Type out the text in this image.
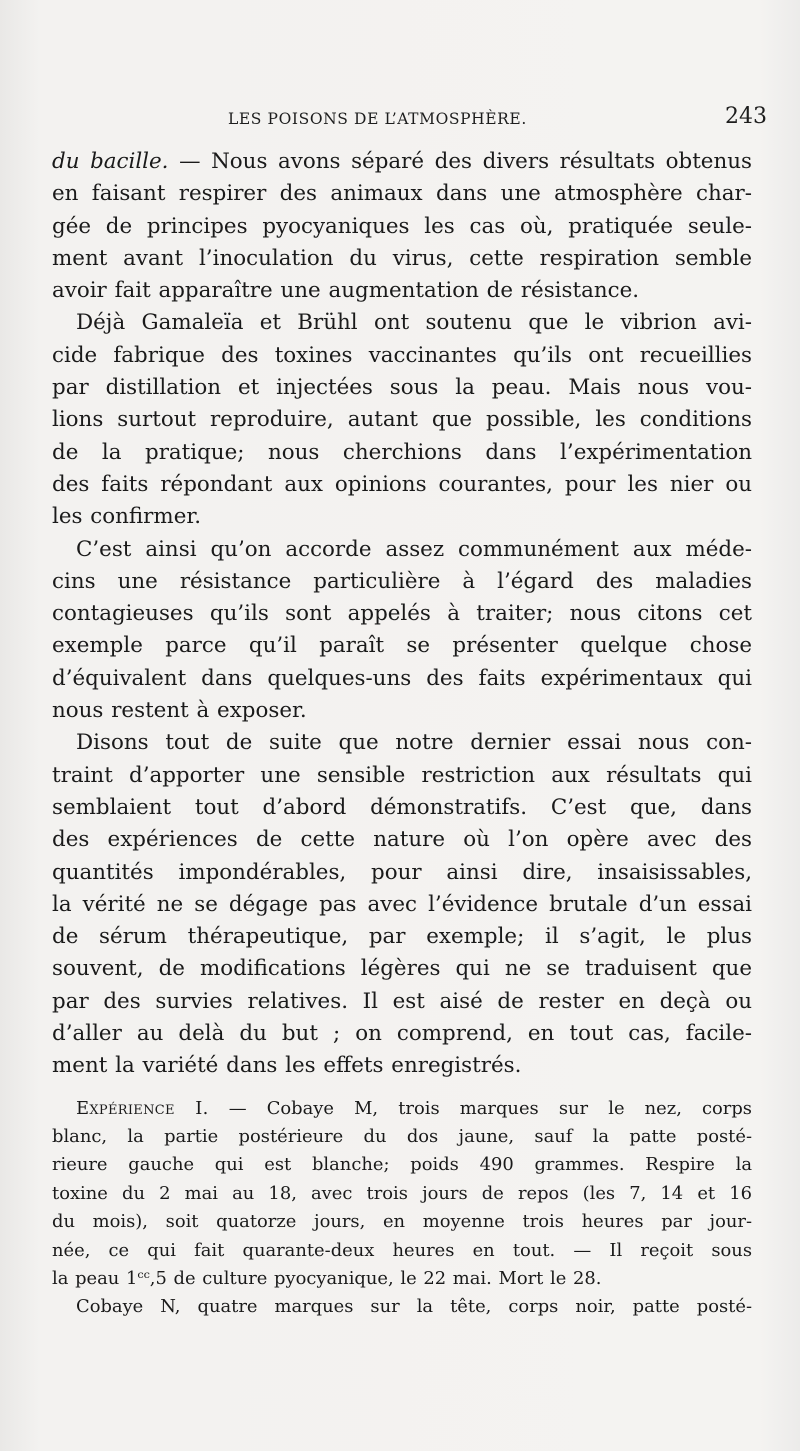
LES POISONS DE L’ATMOSPHÈRE.	243

du bacille. — Nous avons séparé des divers résultats obtenus
en faisant respirer des animaux dans une atmosphère char-
gée de principes pyocyaniques les cas où, pratiquée seule-
ment avant l’inoculation du virus, cette respiration semble
avoir fait apparaître une augmentation de résistance.

Déjà Gamaleïa et Brühl ont soutenu que le vibrion avi-
cide fabrique des toxines vaccinantes qu’ils ont recueillies
par distillation et injectées sous la peau. Mais nous vou-
lions surtout reproduire, autant que possible, les conditions
de la pratique; nous cherchions dans l’expérimentation
des faits répondant aux opinions courantes, pour les nier ou
les confirmer.

C’est ainsi qu’on accorde assez communément aux méde-
cins une résistance particulière à l’égard des maladies
contagieuses qu’ils sont appelés à traiter; nous citons cet
exemple parce qu’il paraît se présenter quelque chose
d’équivalent dans quelques-uns des faits expérimentaux qui
nous restent à exposer.

Disons tout de suite que notre dernier essai nous con-
traint d’apporter une sensible restriction aux résultats qui
semblaient tout d’abord démonstratifs. C’est que, dans
des expériences de cette nature où l’on opère avec des
quantités impondérables, pour ainsi dire, insaisissables,
la vérité ne se dégage pas avec l’évidence brutale d’un essai
de sérum thérapeutique, par exemple; il s’agit, le plus
souvent, de modifications légères qui ne se traduisent que
par des survies relatives. Il est aisé de rester en deçà ou
d’aller au delà du but ; on comprend, en tout cas, facile-
ment la variété dans les effets enregistrés.

Expérience I. — Cobaye M, trois marques sur le nez, corps
blanc, la partie postérieure du dos jaune, sauf la patte posté-
rieure gauche qui est blanche; poids 490 grammes. Respire la
toxine du 2 mai au 18, avec trois jours de repos (les 7, 14 et 16
du mois), soit quatorze jours, en moyenne trois heures par jour-
née, ce qui fait quarante-deux heures en tout. — Il reçoit sous
la peau 1ᶜᶜ,5 de culture pyocyanique, le 22 mai. Mort le 28.

Cobaye N, quatre marques sur la tête, corps noir, patte posté-
